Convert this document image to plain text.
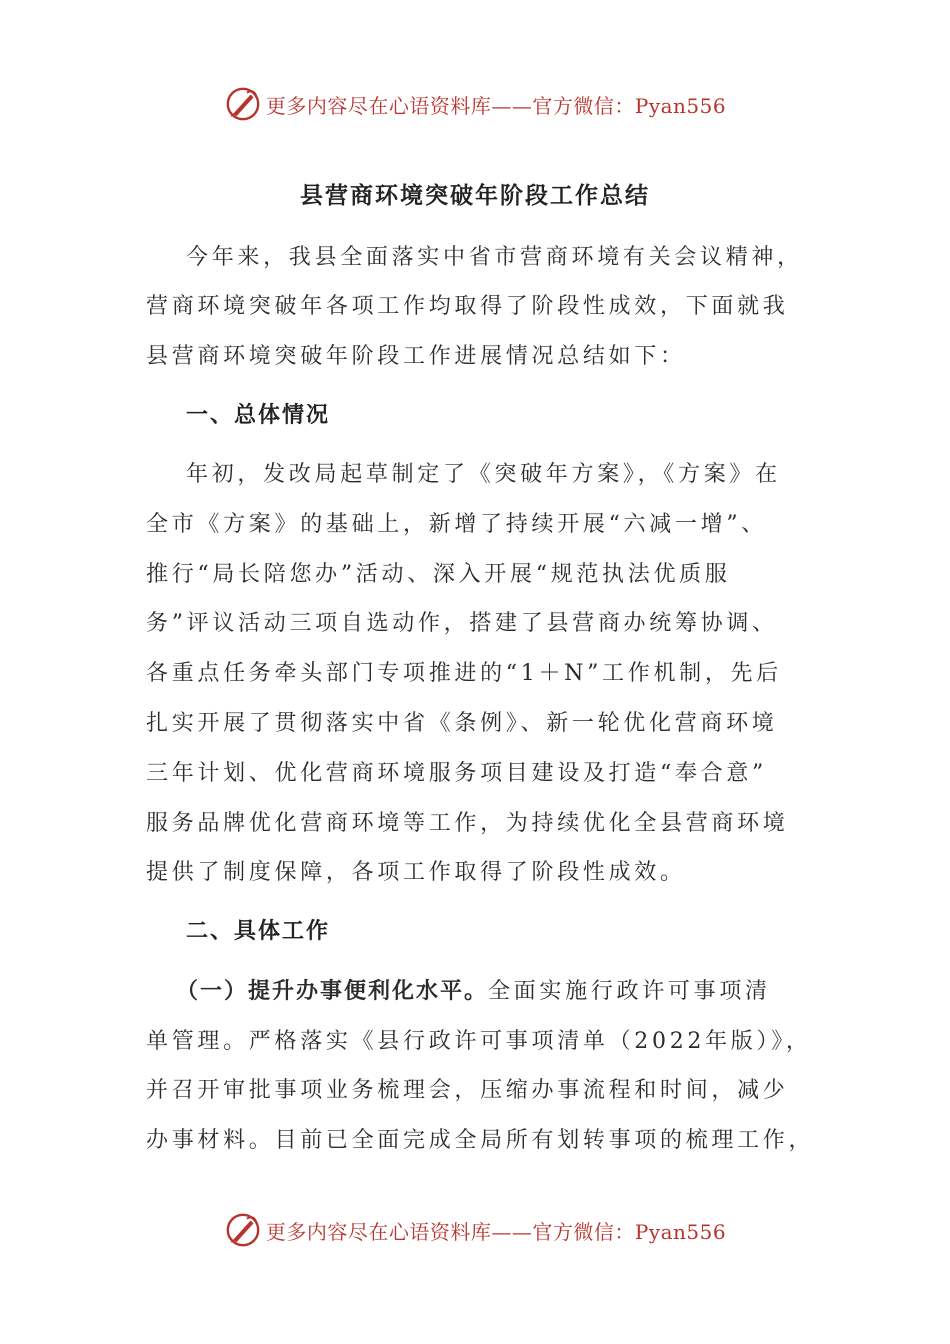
更多内容尽在心语资料库——官方微信：Pyan556
县营商环境突破年阶段工作总结
今年来，我县全面落实中省市营商环境有关会议精神，
营商环境突破年各项工作均取得了阶段性成效，下面就我
县营商环境突破年阶段工作进展情况总结如下：
一、总体情况
年初，发改局起草制定了《突破年方案》，《方案》在
全市《方案》的基础上，新增了持续开展“六减一增”、
推行“局长陪您办”活动、深入开展“规范执法优质服
务”评议活动三项自选动作，搭建了县营商办统筹协调、
各重点任务牵头部门专项推进的“1＋N”工作机制，先后
扎实开展了贯彻落实中省《条例》、新一轮优化营商环境
三年计划、优化营商环境服务项目建设及打造“奉合意”
服务品牌优化营商环境等工作，为持续优化全县营商环境
提供了制度保障，各项工作取得了阶段性成效。
二、具体工作
（一）提升办事便利化水平。全面实施行政许可事项清
单管理。严格落实《县行政许可事项清单（2022年版）》，
并召开审批事项业务梳理会，压缩办事流程和时间，减少
办事材料。目前已全面完成全局所有划转事项的梳理工作，
更多内容尽在心语资料库——官方微信：Pyan556
